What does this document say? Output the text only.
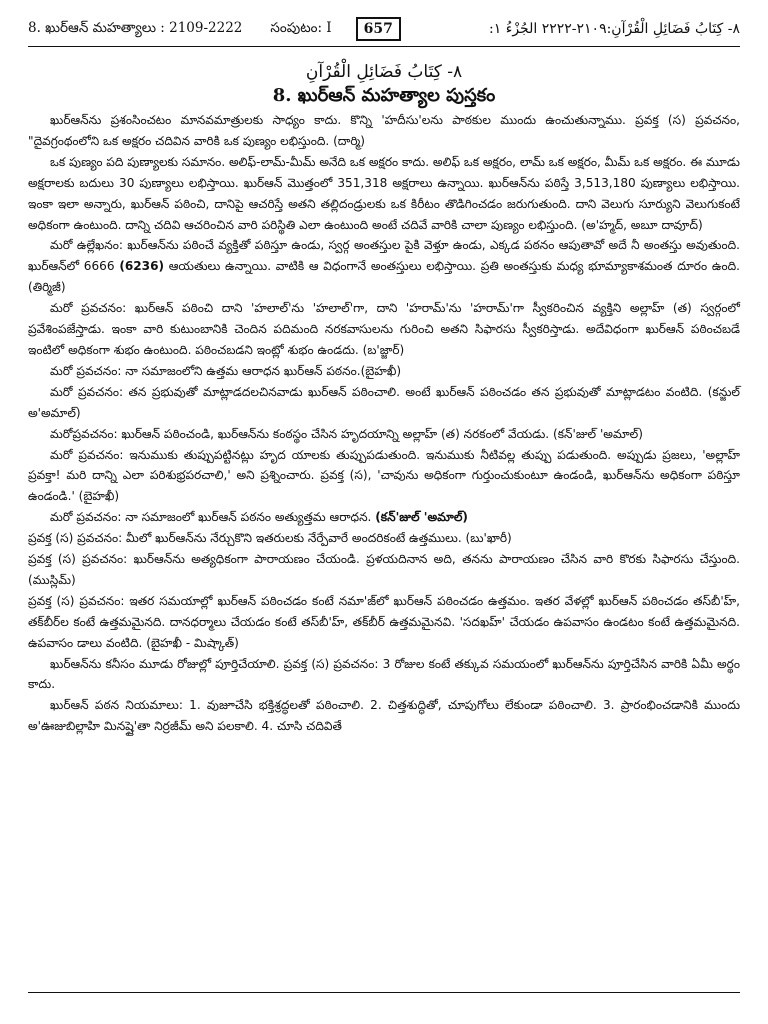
8. ఖుర్‌ఆన్‌ మహత్యాలు : 2109-2222 సంపుటం: I	657	٨- كِتَابُ فَضَائِلِ الْقُرْآنِ:٢١٠٩-٢٢٢٢ الجُزْءُ ١:
٨- كِتَابُ فَضَائِلِ الْقُرْآنِ
8. ఖుర్‌ఆన్‌ మహత్యాల పుస్తకం

ఖుర్‌ఆన్‌ను ప్రశంసించటం మానవమాత్రులకు సాధ్యం కాదు. కొన్ని 'హదీసు'లను పాఠకుల ముందు ఉంచుతున్నాము. ప్రవక్త (స) ప్రవచనం, "దైవగ్రంథంలోని ఒక అక్షరం చదివిన వారికి ఒక పుణ్యం లభిస్తుంది. (దార్మి)

ఒక పుణ్యం పది పుణ్యాలకు సమానం. అలిఫ్‌-లామ్‌-మీమ్‌ అనేది ఒక అక్షరం కాదు. అలిఫ్‌ ఒక అక్షరం, లామ్‌ ఒక అక్షరం, మీమ్‌ ఒక అక్షరం. ఈ మూడు అక్షరాలకు బదులు 30 పుణ్యాలు లభిస్తాయి. ఖుర్‌ఆన్‌ మొత్తంలో 351,318 అక్షరాలు ఉన్నాయి. ఖుర్‌ఆన్‌ను పఠిస్తే 3,513,180 పుణ్యాలు లభిస్తాయి. ఇంకా ఇలా అన్నారు, ఖుర్‌ఆన్‌ పఠించి, దానిపై ఆచరిస్తే అతని తల్లిదండ్రులకు ఒక కిరీటం తొడిగించడం జరుగుతుంది. దాని వెలుగు సూర్యుని వెలుగుకంటే అధికంగా ఉంటుంది. దాన్ని చదివి ఆచరించిన వారి పరిస్థితి ఎలా ఉంటుంది అంటే చదివే వారికి చాలా పుణ్యం లభిస్తుంది. (అ'హ్మద్‌, అబూ దావూద్‌)

మరో ఉల్లేఖనం: ఖుర్‌ఆన్‌ను పఠించే వ్యక్తితో పఠిస్తూ ఉండు, స్వర్గ అంతస్తుల పైకి వెళ్తూ ఉండు, ఎక్కడ పఠనం ఆపుతావో అదే నీ అంతస్తు అవుతుంది. ఖుర్‌ఆన్‌లో 6666 (6236) ఆయతులు ఉన్నాయి. వాటికి ఆ విధంగానే అంతస్తులు లభిస్తాయి. ప్రతి అంతస్తుకు మధ్య భూమ్యాకాశమంత దూరం ఉంది. (తిర్మిజీ)

మరో ప్రవచనం: ఖుర్‌ఆన్‌ పఠించి దాని 'హలాల్‌'ను 'హలాల్‌'గా, దాని 'హరామ్‌'ను 'హరామ్‌'గా స్వీకరించిన వ్యక్తిని అల్లాహ్‌ (త) స్వర్గంలో ప్రవేశింపజేస్తాడు. ఇంకా వారి కుటుంబానికి చెందిన పదిమంది నరకవాసులను గురించి అతని సిఫారసు స్వీకరిస్తాడు. అదేవిధంగా ఖుర్‌ఆన్‌ పఠించబడే ఇంటిలో అధికంగా శుభం ఉంటుంది. పఠించబడని ఇంట్లో శుభం ఉండదు. (బ'జ్జార్‌)

మరో ప్రవచనం: నా సమాజంలోని ఉత్తమ ఆరాధన ఖుర్‌ఆన్‌ పఠనం.(బైహఖీ)

మరో ప్రవచనం: తన ప్రభువుతో మాట్లాడదలచినవాడు ఖుర్‌ఆన్‌ పఠించాలి. అంటే ఖుర్‌ఆన్‌ పఠించడం తన ప్రభువుతో మాట్లాడటం వంటిది. (కన్జుల్‌ అ'అమాల్‌)

మరోప్రవచనం: ఖుర్‌ఆన్‌ పఠించండి, ఖుర్‌ఆన్‌ను కంఠస్థం చేసిన హృదయాన్ని అల్లాహ్‌ (త) నరకంలో వేయడు. (కన్‌'జుల్‌ 'అమాల్‌)

మరో ప్రవచనం: ఇనుముకు తుప్పుపట్టినట్లు హృద యాలకు తుప్పుపడుతుంది. ఇనుముకు నీటివల్ల తుప్పు పడుతుంది. అప్పుడు ప్రజలు, 'అల్లాహ్‌ ప్రవక్తా! మరి దాన్ని ఎలా పరిశుభ్రపరచాలి,' అని ప్రశ్నించారు. ప్రవక్త (స), 'చావును అధికంగా గుర్తుంచుకుంటూ ఉండండి, ఖుర్‌ఆన్‌ను అధికంగా పఠిస్తూ ఉండండి.' (బైహఖీ)

మరో ప్రవచనం: నా సమాజంలో ఖుర్‌ఆన్‌ పఠనం అత్యుత్తమ ఆరాధన. (కన్‌'జుల్‌ 'అమాల్‌)

ప్రవక్త (స) ప్రవచనం: మీలో ఖుర్‌ఆన్‌ను నేర్చుకొని ఇతరులకు నేర్పేవారే అందరికంటే ఉత్తములు. (బు'ఖారీ)

ప్రవక్త (స) ప్రవచనం: ఖుర్‌ఆన్‌ను అత్యధికంగా పారాయణం చేయండి. ప్రళయదినాన అది, తనను పారాయణం చేసిన వారి కొరకు సిఫారసు చేస్తుంది. (ముస్లిమ్‌)

ప్రవక్త (స) ప్రవచనం: ఇతర సమయాల్లో ఖుర్‌ఆన్‌ పఠించడం కంటే నమా'జ్‌లో ఖుర్‌ఆన్‌ పఠించడం ఉత్తమం. ఇతర వేళల్లో ఖుర్‌ఆన్‌ పఠించడం తస్‌బీ'హ్‌, తక్‌బీర్‌ల కంటే ఉత్తమమైనది. దానధర్మాలు చేయడం కంటే తస్‌బీ'హ్‌, తక్‌బీర్‌ ఉత్తమమైనవి. 'సదఖహ్‌' చేయడం ఉపవాసం ఉండటం కంటే ఉత్తమమైనది. ఉపవాసం డాలు వంటిది. (బైహఖీ - మిష్కాత్‌)

ఖుర్‌ఆన్‌ను కనీసం మూడు రోజుల్లో పూర్తిచేయాలి. ప్రవక్త (స) ప్రవచనం: 3 రోజుల కంటే తక్కువ సమయంలో ఖుర్‌ఆన్‌ను పూర్తిచేసిన వారికి ఏమీ అర్థం కాదు.

ఖుర్‌ఆన్‌ పఠన నియమాలు: 1. వుజూచేసి భక్తిశ్రద్ధలతో పఠించాలి. 2. చిత్తశుద్ధితో, చూపుగోలు లేకుండా పఠించాలి. 3. ప్రారంభించడానికి ముందు అ'ఊజుబిల్లాహి మినష్షై'తా నిర్రజీమ్‌ అని పలకాలి. 4. చూసి చదివితే
